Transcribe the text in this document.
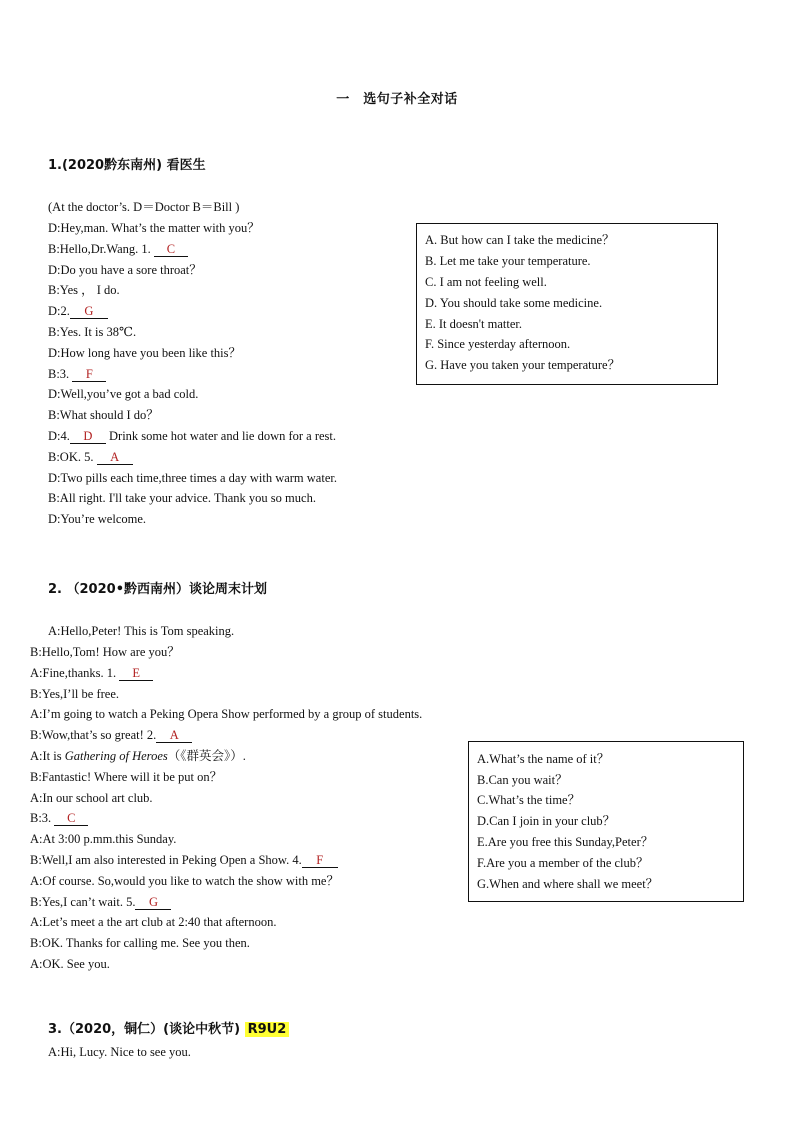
一　选句子补全对话
1.(2020黔东南州) 看医生
(At the doctor’s. D＝Doctor B＝Bill )
D:Hey,man. What’s the matter with you？
B:Hello,Dr.Wang. 1. C
D:Do you have a sore throat？
B:Yes ， I do.
D:2. G
B:Yes. It is 38℃.
D:How long have you been like this？
B:3. F
D:Well,you’ve got a bad cold.
B:What should I do？
D:4. D Drink some hot water and lie down for a rest.
B:OK. 5. A
D:Two pills each time,three times a day with warm water.
B:All right. I'll take your advice. Thank you so much.
D:You’re welcome.
A. But how can I take the medicine？
B. Let me take your temperature.
C. I am not feeling well.
D. You should take some medicine.
E. It doesn't matter.
F. Since yesterday afternoon.
G. Have you taken your temperature？
2. （2020•黔西南州）谈论周末计划
A:Hello,Peter! This is Tom speaking.
B:Hello,Tom! How are you？
A:Fine,thanks. 1. E
B:Yes,I’ll be free.
A:I’m going to watch a Peking Opera Show performed by a group of students.
B:Wow,that’s so great! 2. A
A:It is Gathering of Heroes（《群英会》）.
B:Fantastic! Where will it be put on？
A:In our school art club.
B:3. C
A:At 3:00 p.mm.this Sunday.
B:Well,I am also interested in Peking Open a Show. 4. F
A:Of course. So,would you like to watch the show with me？
B:Yes,I can’t wait. 5. G
A:Let’s meet a the art club at 2:40 that afternoon.
B:OK. Thanks for calling me. See you then.
A:OK. See you.
A.What’s the name of it？
B.Can you wait？
C.What’s the time？
D.Can I join in your club？
E.Are you free this Sunday,Peter？
F.Are you a member of the club？
G.When and where shall we meet？
3.（2020，铜仁）(谈论中秋节) R9U2
A:Hi, Lucy. Nice to see you.
